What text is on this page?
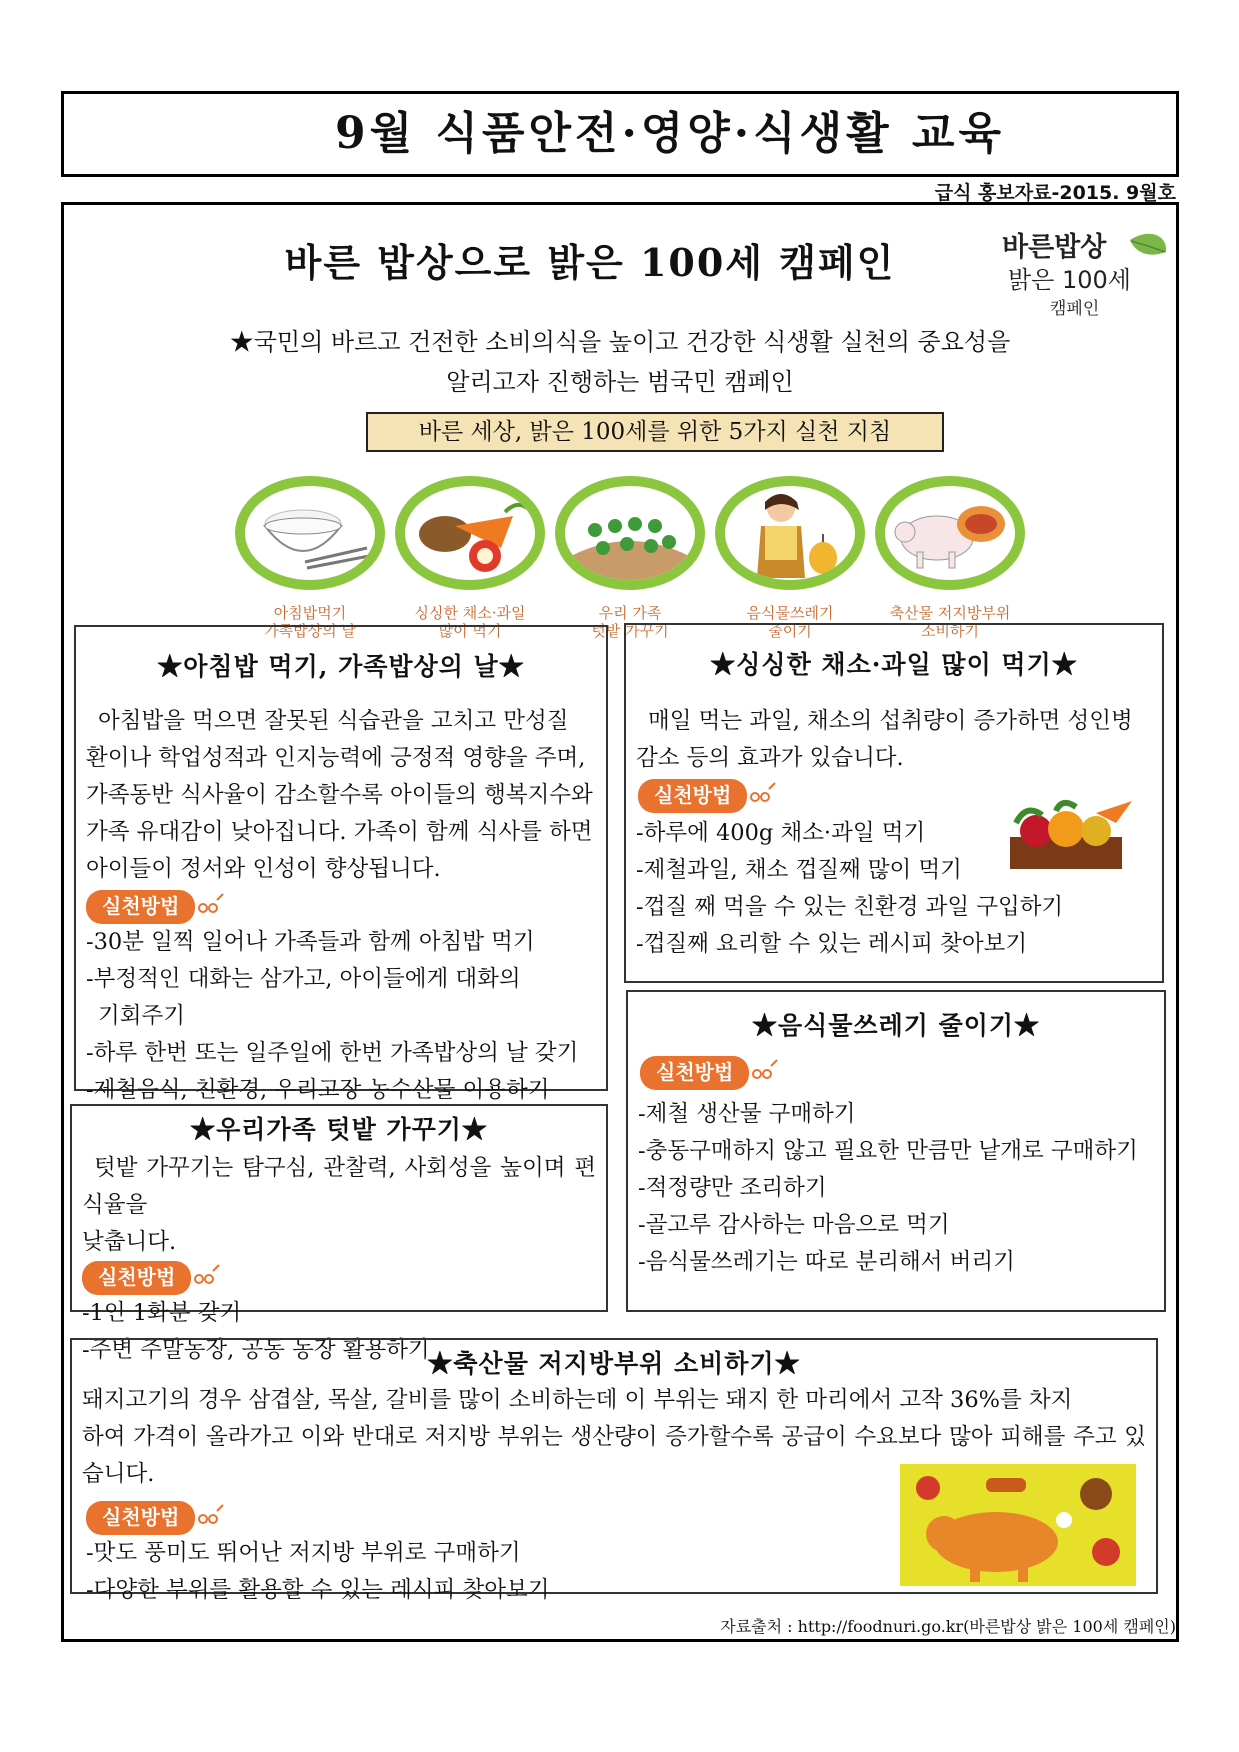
9월 식품안전·영양·식생활 교육
급식 홍보자료-2015. 9월호
바른 밥상으로 밝은 100세 캠페인	바른밥상
밝은 100세
캠페인
★국민의 바르고 건전한 소비의식을 높이고 건강한 식생활 실천의 중요성을
알리고자 진행하는 범국민 캠페인
바른 세상, 밝은 100세를 위한 5가지 실천 지침
아침밥먹기
가족밥상의 날
싱싱한 채소·과일
많이 먹기
우리 가족
텃밭 가꾸기
음식물쓰레기
줄이기
축산물 저지방부위
소비하기
★아침밥 먹기, 가족밥상의 날★
아침밥을 먹으면 잘못된 식습관을 고치고 만성질
환이나 학업성적과 인지능력에 긍정적 영향을 주며,
가족동반 식사율이 감소할수록 아이들의 행복지수와
가족 유대감이 낮아집니다. 가족이 함께 식사를 하면
아이들이 정서와 인성이 향상됩니다.
실천방법
-30분 일찍 일어나 가족들과 함께 아침밥 먹기
-부정적인 대화는 삼가고, 아이들에게 대화의
기회주기
-하루 한번 또는 일주일에 한번 가족밥상의 날 갖기
-제철음식, 친환경, 우리고장 농수산물 이용하기
★싱싱한 채소·과일 많이 먹기★
매일 먹는 과일, 채소의 섭취량이 증가하면 성인병
감소 등의 효과가 있습니다.
실천방법
-하루에 400g 채소·과일 먹기
-제철과일, 채소 껍질째 많이 먹기
-껍질 째 먹을 수 있는 친환경 과일 구입하기
-껍질째 요리할 수 있는 레시피 찾아보기
★음식물쓰레기 줄이기★
실천방법
-제철 생산물 구매하기
-충동구매하지 않고 필요한 만큼만 낱개로 구매하기
-적정량만 조리하기
-골고루 감사하는 마음으로 먹기
-음식물쓰레기는 따로 분리해서 버리기
★우리가족 텃밭 가꾸기★
텃밭 가꾸기는 탐구심, 관찰력, 사회성을 높이며 편식율을
낮춥니다.
실천방법
-1인 1화분 갖기
-주변 주말농장, 공동 농장 활용하기
★축산물 저지방부위 소비하기★
돼지고기의 경우 삼겹살, 목살, 갈비를 많이 소비하는데 이 부위는 돼지 한 마리에서 고작 36%를 차지
하여 가격이 올라가고 이와 반대로 저지방 부위는 생산량이 증가할수록 공급이 수요보다 많아 피해를 주고 있습니다.
실천방법
-맛도 풍미도 뛰어난 저지방 부위로 구매하기
-다양한 부위를 활용할 수 있는 레시피 찾아보기
자료출처 : http://foodnuri.go.kr(바른밥상 밝은 100세 캠페인)
